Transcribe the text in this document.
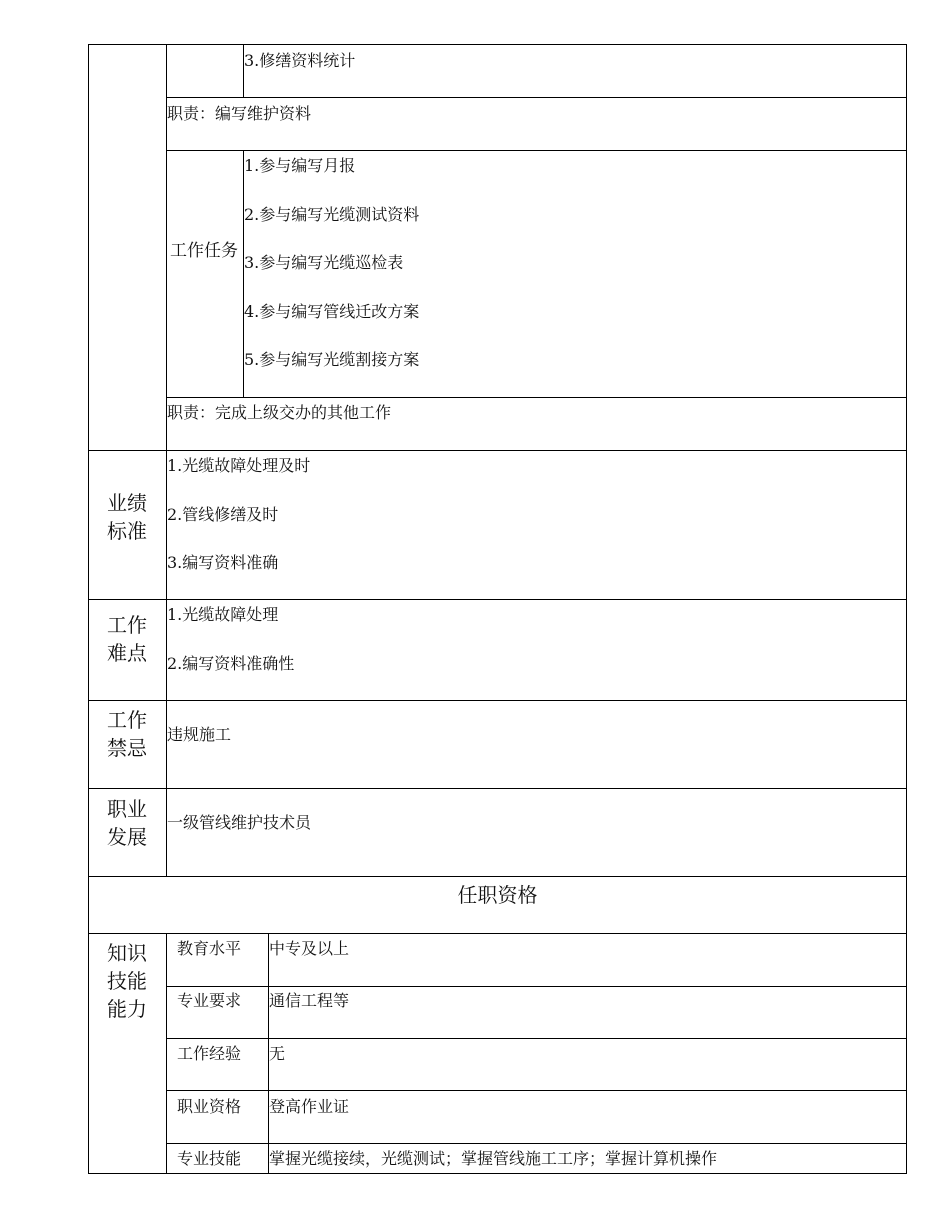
3.修缮资料统计
职责：编写维护资料
工作任务
1.参与编写月报
2.参与编写光缆测试资料
3.参与编写光缆巡检表
4.参与编写管线迁改方案
5.参与编写光缆割接方案
职责：完成上级交办的其他工作
业绩标准
1.光缆故障处理及时
2.管线修缮及时
3.编写资料准确
工作难点
1.光缆故障处理
2.编写资料准确性
工作禁忌
违规施工
职业发展
一级管线维护技术员
任职资格
知识技能能力
教育水平 中专及以上
专业要求 通信工程等
工作经验 无
职业资格 登高作业证
专业技能 掌握光缆接续，光缆测试；掌握管线施工工序；掌握计算机操作
